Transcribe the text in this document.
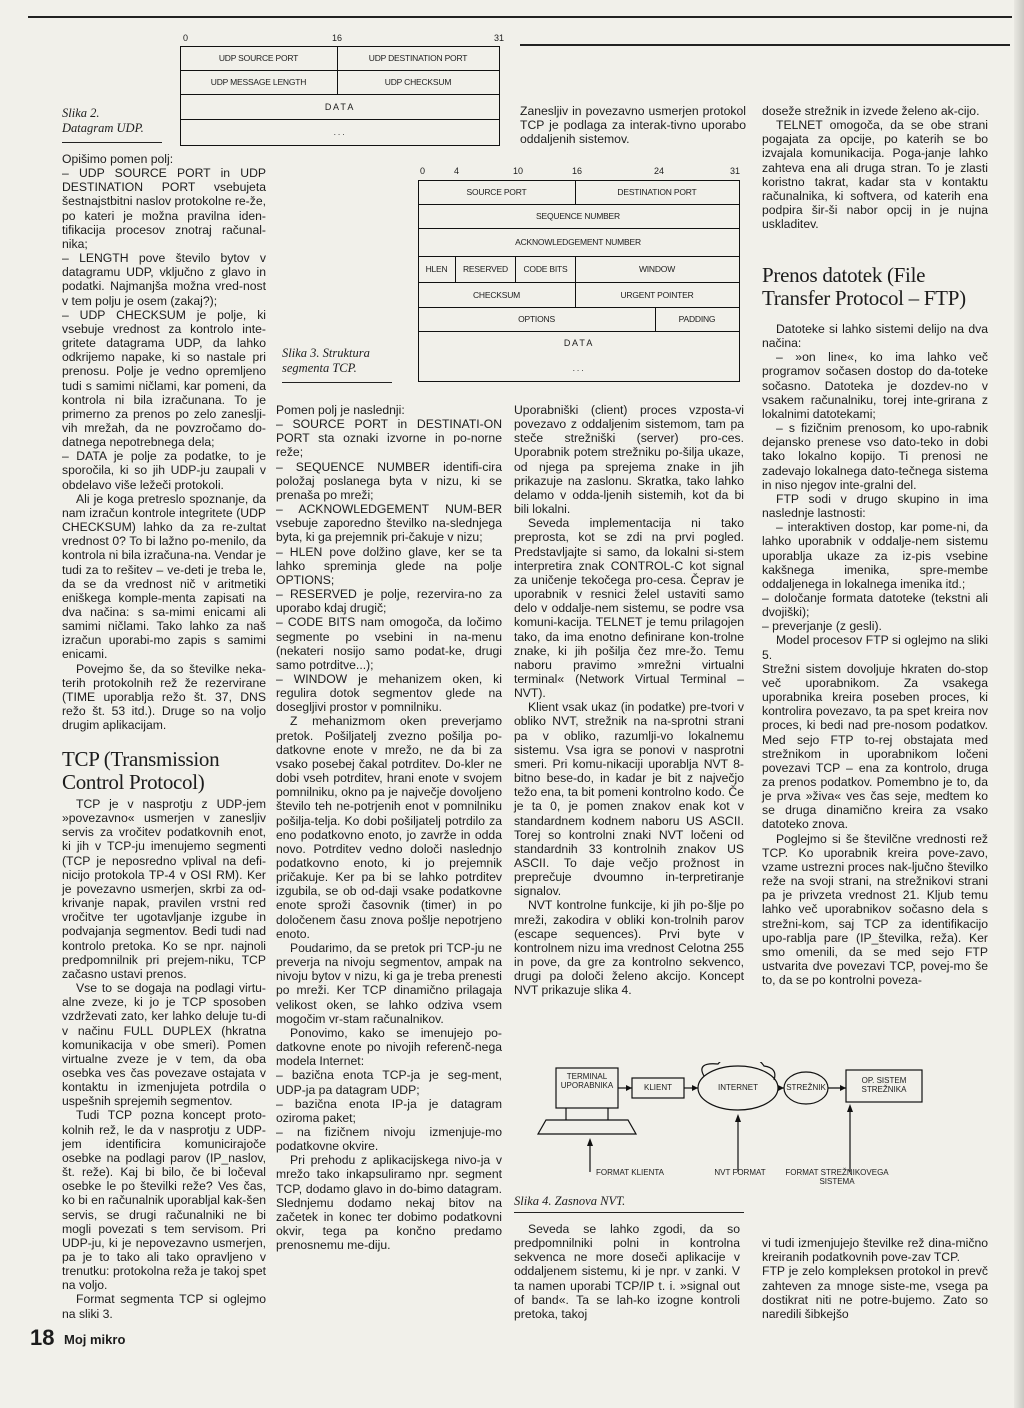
0	16	31
UDP SOURCE PORT	UDP DESTINATION PORT
UDP MESSAGE LENGTH	UDP CHECKSUM
D A T A
. . .
Slika 2. Datagram UDP.

Opišimo pomen polj:

– UDP SOURCE PORT in UDP DESTINATION PORT vsebujeta šestnajstbitni naslov protokolne re-že, po kateri je možna pravilna iden-tifikacija procesov znotraj računal-nika;

– LENGTH pove število bytov v datagramu UDP, vključno z glavo in podatki. Najmanjša možna vred-nost v tem polju je osem (zakaj?);

– UDP CHECKSUM je polje, ki vsebuje vrednost za kontrolo inte-gritete datagrama UDP, da lahko odkrijemo napake, ki so nastale pri prenosu. Polje je vedno opremljeno tudi s samimi ničlami, kar pomeni, da kontrola ni bila izračunana. To je primerno za prenos po zelo zaneslji-vih mrežah, da ne povzročamo do-datnega nepotrebnega dela;

– DATA je polje za podatke, to je sporočila, ki so jih UDP-ju zaupali v obdelavo više ležeči protokoli.

Ali je koga pretreslo spoznanje, da nam izračun kontrole integritete (UDP CHECKSUM) lahko da za re-zultat vrednost 0? To bi lažno po-menilo, da kontrola ni bila izračuna-na. Vendar je tudi za to rešitev – ve-deti je treba le, da se da vrednost nič v aritmetiki eniškega komple-menta zapisati na dva načina: s sa-mimi enicami ali samimi ničlami. Tako lahko za naš izračun uporabi-mo zapis s samimi enicami.

Povejmo še, da so številke neka-terih protokolnih rež že rezervirane (TIME uporablja režo št. 37, DNS režo št. 53 itd.). Druge so na voljo drugim aplikacijam.

TCP (Transmission Control Protocol)

TCP je v nasprotju z UDP-jem »povezavno« usmerjen v zanesljiv servis za vročitev podatkovnih enot, ki jih v TCP-ju imenujemo segmenti (TCP je neposredno vplival na defi-nicijo protokola TP-4 v OSI RM). Ker je povezavno usmerjen, skrbi za od-krivanje napak, pravilen vrstni red vročitve ter ugotavljanje izgube in podvajanja segmentov. Bedi tudi nad kontrolo pretoka. Ko se npr. najnoli predpomnilnik pri prejem-niku, TCP začasno ustavi prenos.

Vse to se dogaja na podlagi virtu-alne zveze, ki jo je TCP sposoben vzdrževati zato, ker lahko deluje tu-di v načinu FULL DUPLEX (hkratna komunikacija v obe smeri). Pomen virtualne zveze je v tem, da oba osebka ves čas povezave ostajata v kontaktu in izmenjujeta potrdila o uspešnih sprejemih segmentov.

Tudi TCP pozna koncept proto-kolnih rež, le da v nasprotju z UDP-jem identificira komunicirajoče osebke na podlagi parov (IP_naslov, št. reže). Kaj bi bilo, če bi ločeval osebke le po številki reže? Ves čas, ko bi en računalnik uporabljal kak-šen servis, se drugi računalniki ne bi mogli povezati s tem servisom. Pri UDP-ju, ki je nepovezavno usmerjen, pa je to tako ali tako opravljeno v trenutku: protokolna reža je takoj spet na voljo.

Format segmenta TCP si oglejmo na sliki 3.

18 Moj mikro
0	4	10	16	24	31
SOURCE PORT	DESTINATION PORT
SEQUENCE NUMBER
ACKNOWLEDGEMENT NUMBER
HLEN	RESERVED	CODE BITS	WINDOW
CHECKSUM	URGENT POINTER
OPTIONS	PADDING
D A T A
. . .
Slika 3. Struktura segmenta TCP.

Pomen polj je naslednji:

– SOURCE PORT in DESTINATI-ON PORT sta oznaki izvorne in po-norne reže;

– SEQUENCE NUMBER identifi-cira položaj poslanega byta v nizu, ki se prenaša po mreži;

– ACKNOWLEDGEMENT NUM-BER vsebuje zaporedno številko na-slednjega byta, ki ga prejemnik pri-čakuje v nizu;

– HLEN pove dolžino glave, ker se ta lahko spreminja glede na polje OPTIONS;

– RESERVED je polje, rezervira-no za uporabo kdaj drugič;

– CODE BITS nam omogoča, da ločimo segmente po vsebini in na-menu (nekateri nosijo samo podat-ke, drugi samo potrditve...);

– WINDOW je mehanizem oken, ki regulira dotok segmentov glede na dosegljivi prostor v pomnilniku.

Z mehanizmom oken preverjamo pretok. Pošiljatelj zvezno pošilja po-datkovne enote v mrežo, ne da bi za vsako posebej čakal potrditev. Do-kler ne dobi vseh potrditev, hrani enote v svojem pomnilniku, okno pa je največje dovoljeno število teh ne-potrjenih enot v pomnilniku pošilja-telja. Ko dobi pošiljatelj potrdilo za eno podatkovno enoto, jo zavrže in odda novo. Potrditev vedno določi naslednjo podatkovno enoto, ki jo prejemnik pričakuje. Ker pa bi se lahko potrditev izgubila, se ob od-daji vsake podatkovne enote sproži časovnik (timer) in po določenem času znova pošlje nepotrjeno enoto.

Poudarimo, da se pretok pri TCP-ju ne preverja na nivoju segmentov, ampak na nivoju bytov v nizu, ki ga je treba prenesti po mreži. Ker TCP dinamično prilagaja velikost oken, se lahko odziva vsem mogočim vr-stam računalnikov.

Ponovimo, kako se imenujejo po-datkovne enote po nivojih referenč-nega modela Internet:

– bazična enota TCP-ja je seg-ment, UDP-ja pa datagram UDP;

– bazična enota IP-ja je datagram oziroma paket;

– na fizičnem nivoju izmenjuje-mo podatkovne okvire.

Pri prehodu z aplikacijskega nivo-ja v mrežo tako inkapsuliramo npr. segment TCP, dodamo glavo in do-bimo datagram. Slednjemu dodamo nekaj bitov na začetek in konec ter dobimo podatkovni okvir, tega pa končno predamo prenosnemu me-diju.

Zanesljiv in povezavno usmerjen protokol TCP je podlaga za interak-tivno uporabo oddaljenih sistemov.

Uporabniški (client) proces vzposta-vi povezavo z oddaljenim sistemom, tam pa steče strežniški (server) pro-ces. Uporabnik potem strežniku po-šilja ukaze, od njega pa sprejema znake in jih prikazuje na zaslonu. Skratka, tako lahko delamo v odda-ljenih sistemih, kot da bi bili lokalni.

Seveda implementacija ni tako preprosta, kot se zdi na prvi pogled. Predstavljajte si samo, da lokalni si-stem interpretira znak CONTROL-C kot signal za uničenje tekočega pro-cesa. Čeprav je uporabnik v resnici želel ustaviti samo delo v oddalje-nem sistemu, se podre vsa komuni-kacija. TELNET je temu prilagojen tako, da ima enotno definirane kon-trolne znake, ki jih pošilja čez mre-žo. Temu naboru pravimo »mrežni virtualni terminal« (Network Virtual Terminal – NVT).

Klient vsak ukaz (in podatke) pre-tvori v obliko NVT, strežnik na na-sprotni strani pa v obliko, razumlji-vo lokalnemu sistemu. Vsa igra se ponovi v nasprotni smeri. Pri komu-nikaciji uporablja NVT 8-bitno bese-do, in kadar je bit z največjo težo ena, ta bit pomeni kontrolno kodo. Če je ta 0, je pomen znakov enak kot v standardnem kodnem naboru US ASCII. Torej so kontrolni znaki NVT ločeni od standardnih 33 kontrolnih znakov US ASCII. To daje večjo prožnost in preprečuje dvoumno in-terpretiranje signalov.

NVT kontrolne funkcije, ki jih po-šlje po mreži, zakodira v obliki kon-trolnih parov (escape sequences). Prvi byte v kontrolnem nizu ima vrednost Celotna 255 in pove, da gre za kontrolno sekvenco, drugi pa določi želeno akcijo. Koncept NVT prikazuje slika 4.

doseže strežnik in izvede želeno ak-cijo.

TELNET omogoča, da se obe strani pogajata za opcije, po katerih se bo izvajala komunikacija. Poga-janje lahko zahteva ena ali druga stran. To je zlasti koristno takrat, kadar sta v kontaktu računalnika, ki softvera, od katerih ena podpira šir-ši nabor opcij in je nujna uskladitev.

Prenos datotek (File Transfer Protocol – FTP)

Datoteke si lahko sistemi delijo na dva načina:

– »on line«, ko ima lahko več programov sočasen dostop do da-toteke sočasno. Datoteka je dozdev-no v vsakem računalniku, torej inte-grirana z lokalnimi datotekami;

– s fizičnim prenosom, ko upo-rabnik dejansko prenese vso dato-teko in dobi tako lokalno kopijo. Ti prenosi ne zadevajo lokalnega dato-tečnega sistema in niso njegov inte-gralni del.

FTP sodi v drugo skupino in ima naslednje lastnosti:

– interaktiven dostop, kar pome-ni, da lahko uporabnik v oddalje-nem sistemu uporablja ukaze za iz-pis vsebine kakšnega imenika, spre-membe oddaljenega in lokalnega imenika itd.;

– določanje formata datoteke (tekstni ali dvojiški);

– preverjanje (z gesli).

Model procesov FTP si oglejmo na sliki 5.

Strežni sistem dovoljuje hkraten do-stop več uporabnikom. Za vsakega uporabnika kreira poseben proces, ki kontrolira povezavo, ta pa spet kreira nov proces, ki bedi nad pre-nosom podatkov. Med sejo FTP to-rej obstajata med strežnikom in uporabnikom ločeni povezavi TCP – ena za kontrolo, druga za prenos podatkov. Pomembno je to, da je prva »živa« ves čas seje, medtem ko se druga dinamično kreira za vsako datoteko znova.

Poglejmo si še številčne vrednosti rež TCP. Ko uporabnik kreira pove-zavo, vzame ustrezni proces nak-ljučno številko reže na svoji strani, na strežnikovi strani pa je privzeta vrednost 21. Kljub temu lahko več uporabnikov sočasno dela s strežni-kom, saj TCP za identifikacijo upo-rablja pare (IP_številka, reža). Ker smo omenili, da se med sejo FTP ustvarita dve povezavi TCP, povej-mo še to, da se po kontrolni poveza-

TERMINAL UPORABNIKA	KLIENT	INTERNET	STREŽNIK
OP. SISTEM STREŽNIKA
FORMAT KLIENTA	NVT FORMAT	FORMAT STREŽNIKOVEGA SISTEMA
Slika 4. Zasnova NVT.

Seveda se lahko zgodi, da so predpomnilniki polni in kontrolna sekvenca ne more doseči aplikacije v oddaljenem sistemu, ki je npr. v zanki. V ta namen uporabi TCP/IP t. i. »signal out of band«. Ta se lah-ko izogne kontroli pretoka, takoj

vi tudi izmenjujejo številke rež dina-mično kreiranih podatkovnih pove-zav TCP.
FTP je zelo kompleksen protokol in prevč zahteven za mnoge siste-me, vsega pa dostikrat niti ne potre-bujemo. Zato so naredili šibkejšo
